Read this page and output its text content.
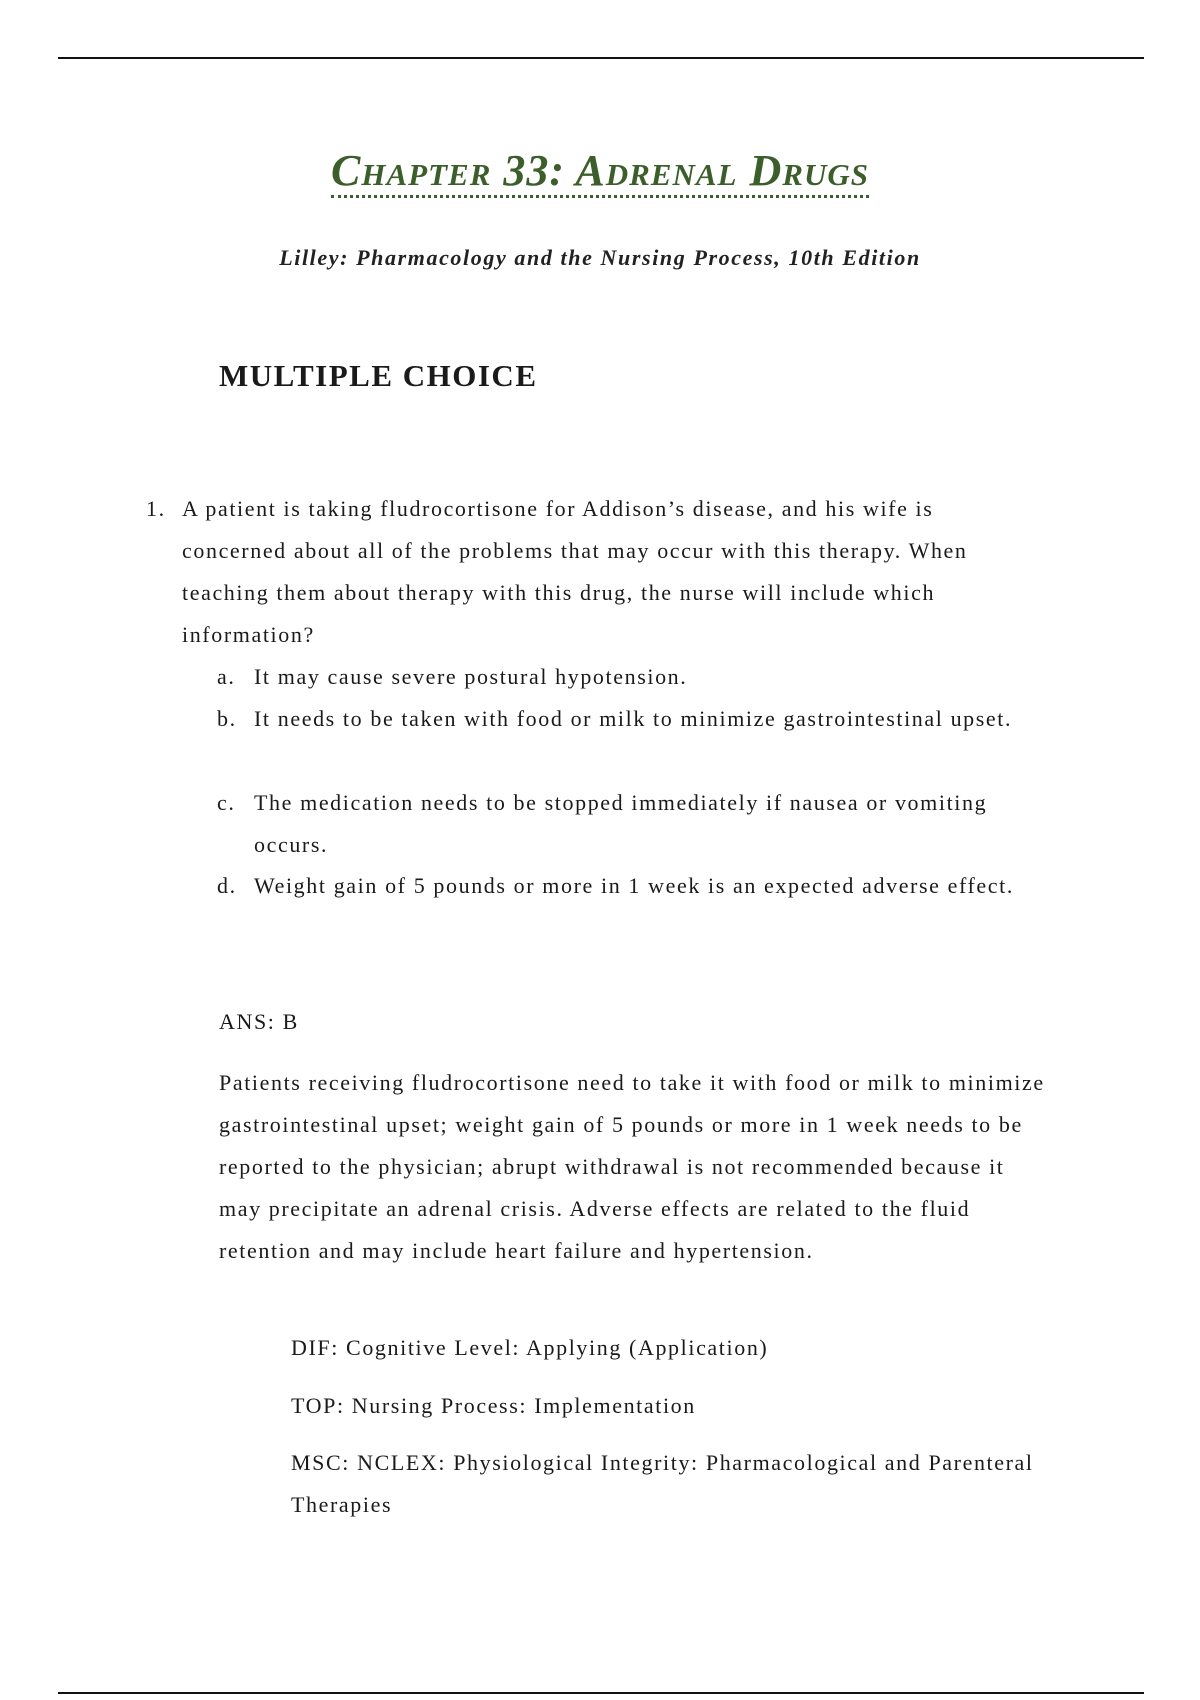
Chapter 33: Adrenal Drugs
Lilley: Pharmacology and the Nursing Process, 10th Edition
MULTIPLE CHOICE
1. A patient is taking fludrocortisone for Addison’s disease, and his wife is concerned about all of the problems that may occur with this therapy. When teaching them about therapy with this drug, the nurse will include which information?

a. It may cause severe postural hypotension.

b. It needs to be taken with food or milk to minimize gastrointestinal upset.

c. The medication needs to be stopped immediately if nausea or vomiting occurs.

d. Weight gain of 5 pounds or more in 1 week is an expected adverse effect.

ANS: B

Patients receiving fludrocortisone need to take it with food or milk to minimize gastrointestinal upset; weight gain of 5 pounds or more in 1 week needs to be reported to the physician; abrupt withdrawal is not recommended because it may precipitate an adrenal crisis. Adverse effects are related to the fluid retention and may include heart failure and hypertension.

DIF: Cognitive Level: Applying (Application)

TOP: Nursing Process: Implementation

MSC: NCLEX: Physiological Integrity: Pharmacological and Parenteral Therapies
